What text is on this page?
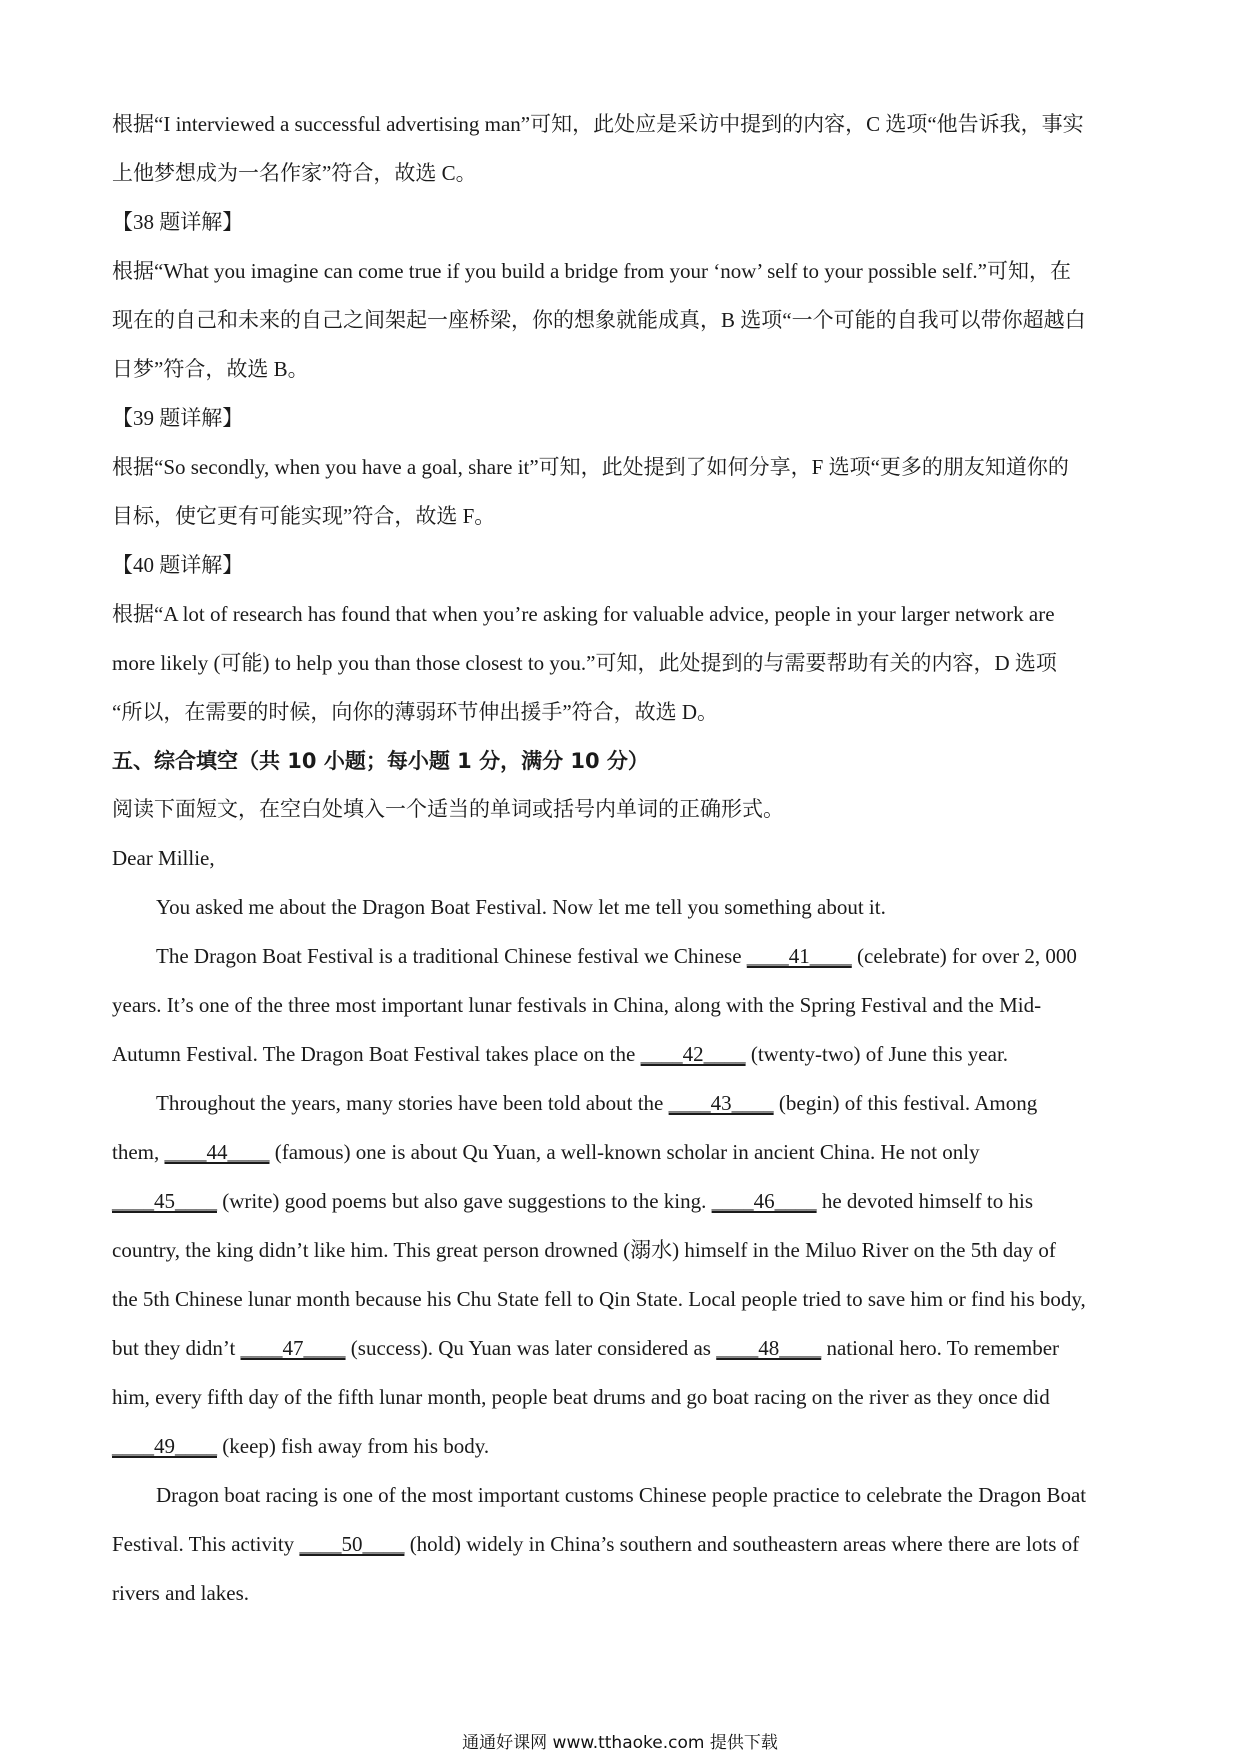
根据“I interviewed a successful advertising man”可知，此处应是采访中提到的内容，C 选项“他告诉我，事实
上他梦想成为一名作家”符合，故选 C。
【38 题详解】
根据“What you imagine can come true if you build a bridge from your ‘now’ self to your possible self.”可知，在
现在的自己和未来的自己之间架起一座桥梁，你的想象就能成真，B 选项“一个可能的自我可以带你超越白
日梦”符合，故选 B。
【39 题详解】
根据“So secondly, when you have a goal, share it”可知，此处提到了如何分享，F 选项“更多的朋友知道你的
目标，使它更有可能实现”符合，故选 F。
【40 题详解】
根据“A lot of research has found that when you’re asking for valuable advice, people in your larger network are
more likely (可能) to help you than those closest to you.”可知，此处提到的与需要帮助有关的内容，D 选项
“所以，在需要的时候，向你的薄弱环节伸出援手”符合，故选 D。
五、综合填空（共 10 小题；每小题 1 分，满分 10 分）
阅读下面短文，在空白处填入一个适当的单词或括号内单词的正确形式。
Dear Millie,
You asked me about the Dragon Boat Festival. Now let me tell you something about it.
The Dragon Boat Festival is a traditional Chinese festival we Chinese ____41____ (celebrate) for over 2, 000
years. It’s one of the three most important lunar festivals in China, along with the Spring Festival and the Mid-
Autumn Festival. The Dragon Boat Festival takes place on the ____42____ (twenty-two) of June this year.
Throughout the years, many stories have been told about the ____43____ (begin) of this festival. Among
them, ____44____ (famous) one is about Qu Yuan, a well-known scholar in ancient China. He not only
____45____ (write) good poems but also gave suggestions to the king. ____46____ he devoted himself to his
country, the king didn’t like him. This great person drowned (溺水) himself in the Miluo River on the 5th day of
the 5th Chinese lunar month because his Chu State fell to Qin State. Local people tried to save him or find his body,
but they didn’t ____47____ (success). Qu Yuan was later considered as ____48____ national hero. To remember
him, every fifth day of the fifth lunar month, people beat drums and go boat racing on the river as they once did
____49____ (keep) fish away from his body.
Dragon boat racing is one of the most important customs Chinese people practice to celebrate the Dragon Boat
Festival. This activity ____50____ (hold) widely in China’s southern and southeastern areas where there are lots of
rivers and lakes.
通通好课网 www.tthaoke.com 提供下载
